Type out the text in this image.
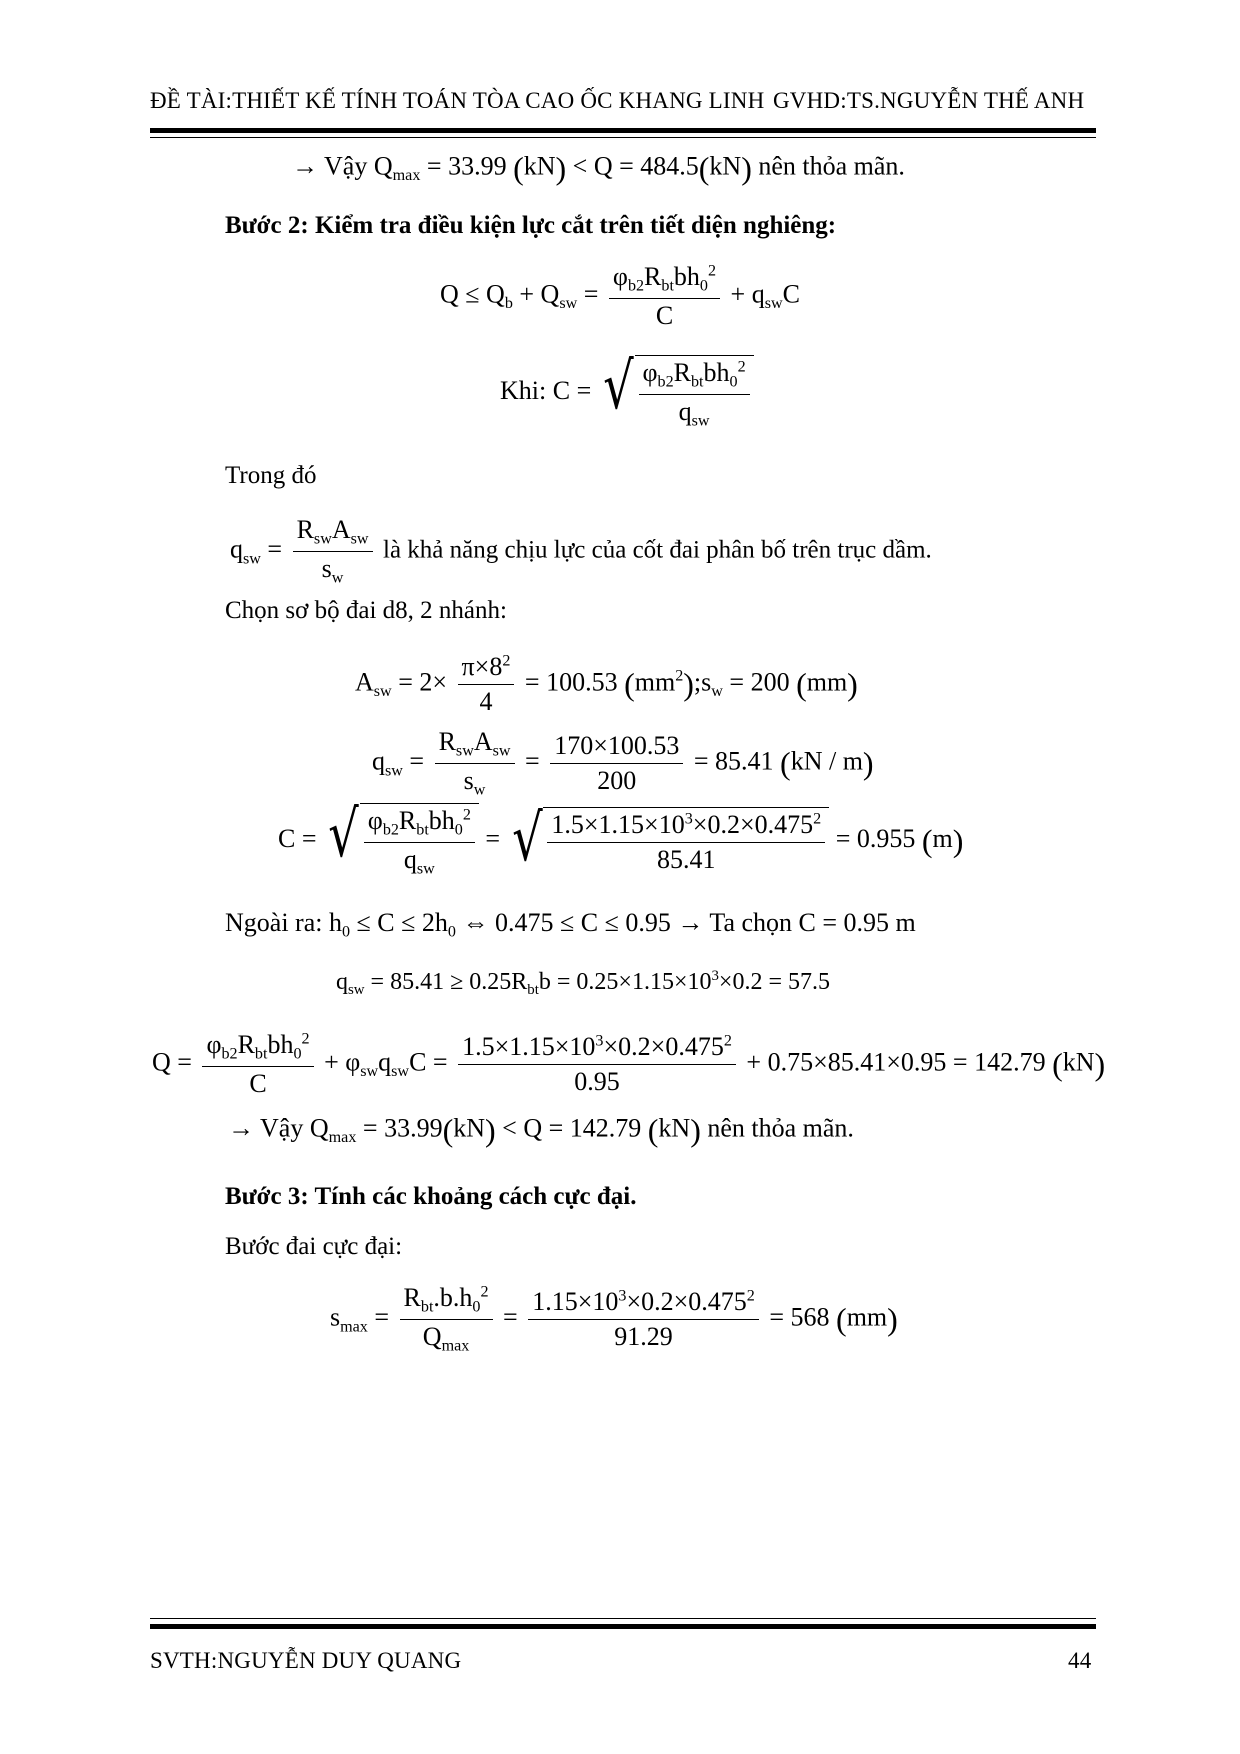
ĐỀ TÀI:THIẾT KẾ TÍNH TOÁN TÒA CAO ỐC KHANG LINH GVHD:TS.NGUYỄN THẾ ANH
→ Vậy $Q_{max} = 33.99$ (kN) < Q = 484.5(kN) nên thỏa mãn.
Bước 2: Kiểm tra điều kiện lực cắt trên tiết diện nghiêng:
$Q \le Q_b + Q_{sw} = \frac{\varphi_{b2}R_{bt}bh_0^2}{C} + q_{sw}C$
Khi: C = √ $\frac{\varphi_{b2}R_{bt}bh_0^2}{q_{sw}}$
Trong đó
$q_{sw} = \frac{R_{sw}A_{sw}}{s_w}$ là khả năng chịu lực của cốt đai phân bố trên trục dầm.
Chọn sơ bộ đai d8, 2 nhánh:
$A_{sw} = 2\times \frac{\pi\times 8^2}{4} = 100.53$ $(mm^2);s_w = 200$ (mm)
$q_{sw} = \frac{R_{sw}A_{sw}}{s_w} = \frac{170\times 100.53}{200} = 85.41$ (kN / m)
C = √ $\frac{\varphi_{b2}R_{bt}bh_0^2}{q_{sw}}$ = √ $\frac{1.5\times 1.15\times 10^3\times 0.2\times 0.475^2}{85.41} = 0.955$ (m)
Ngoài ra: $h_0 \le C \le 2h_0$ ⇔ 0.475 ≤ C ≤ 0.95 → Ta chọn C = 0.95 m
$q_{sw} = 85.41 \ge 0.25R_{bt}b = 0.25\times 1.15\times 10^3\times 0.2 = 57.5$
$Q = \frac{\varphi_{b2}R_{bt}bh_0^2}{C} + \varphi_{sw}q_{sw}C = \frac{1.5\times 1.15\times 10^3\times 0.2\times 0.475^2}{0.95} + 0.75\times 85.41\times 0.95 = 142.79$ (kN)
→ Vậy $Q_{max} = 33.99(kN) < Q = 142.79$ (kN) nên thỏa mãn.
Bước 3: Tính các khoảng cách cực đại.
Bước đai cực đại:
$s_{max} = \frac{R_{bt}.b.h_0^2}{Q_{max}} = \frac{1.15\times 10^3\times 0.2\times 0.475^2}{91.29} = 568$ (mm)
SVTH:NGUYỄN DUY QUANG	44
